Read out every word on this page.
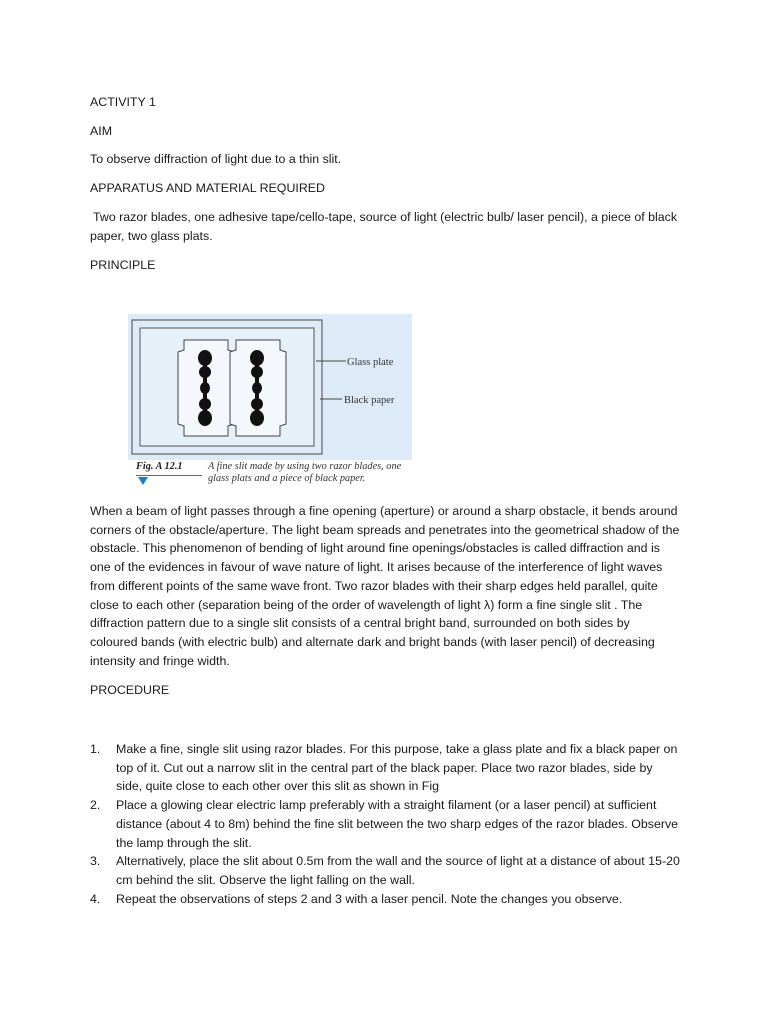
ACTIVITY 1
AIM
To observe diffraction of light due to a thin slit.
APPARATUS AND MATERIAL REQUIRED
Two razor blades, one adhesive tape/cello-tape, source of light (electric bulb/ laser pencil), a piece of black paper, two glass plats.
PRINCIPLE
Glass plate
Black paper
Fig. A 12.1 A fine slit made by using two razor blades, one glass plats and a piece of black paper.
When a beam of light passes through a fine opening (aperture) or around a sharp obstacle, it bends around corners of the obstacle/aperture. The light beam spreads and penetrates into the geometrical shadow of the obstacle. This phenomenon of bending of light around fine openings/obstacles is called diffraction and is one of the evidences in favour of wave nature of light. It arises because of the interference of light waves from different points of the same wave front. Two razor blades with their sharp edges held parallel, quite close to each other (separation being of the order of wavelength of light λ) form a fine single slit . The diffraction pattern due to a single slit consists of a central bright band, surrounded on both sides by coloured bands (with electric bulb) and alternate dark and bright bands (with laser pencil) of decreasing intensity and fringe width.
PROCEDURE
1. Make a fine, single slit using razor blades. For this purpose, take a glass plate and fix a black paper on top of it. Cut out a narrow slit in the central part of the black paper. Place two razor blades, side by side, quite close to each other over this slit as shown in Fig
2. Place a glowing clear electric lamp preferably with a straight filament (or a laser pencil) at sufficient distance (about 4 to 8m) behind the fine slit between the two sharp edges of the razor blades. Observe the lamp through the slit.
3. Alternatively, place the slit about 0.5m from the wall and the source of light at a distance of about 15-20 cm behind the slit. Observe the light falling on the wall.
4. Repeat the observations of steps 2 and 3 with a laser pencil. Note the changes you observe.
